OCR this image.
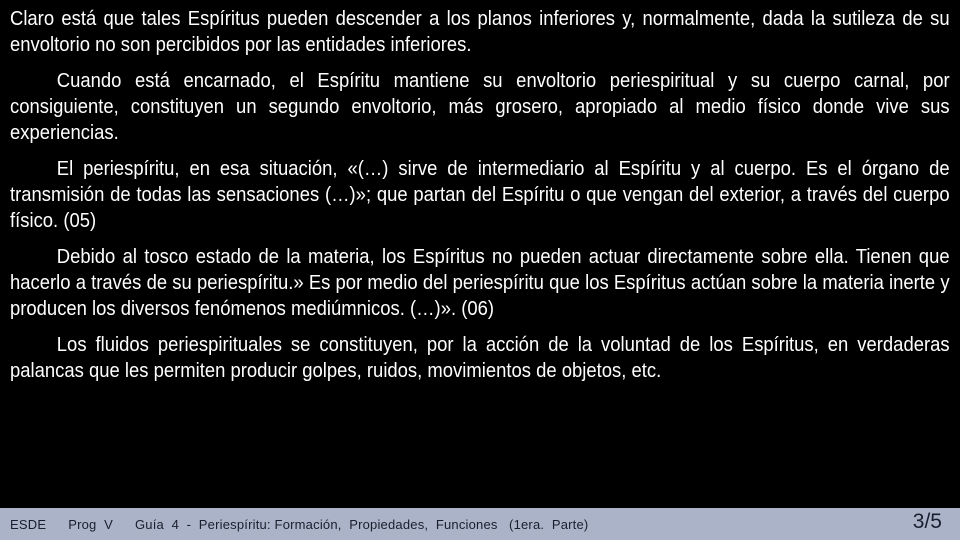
Claro está que tales Espíritus pueden descender a los planos inferiores y, normalmente, dada la sutileza de su envoltorio no son percibidos por las entidades inferiores.

Cuando está encarnado, el Espíritu mantiene su envoltorio periespiritual y su cuerpo carnal, por consiguiente, constituyen un segundo envoltorio, más grosero, apropiado al medio físico donde vive sus experiencias.

El periespíritu, en esa situación, «(…) sirve de intermediario al Espíritu y al cuerpo. Es el órgano de transmisión de todas las sensaciones (…)»; que partan del Espíritu o que vengan del exterior, a través del cuerpo físico. (05)

Debido al tosco estado de la materia, los Espíritus no pueden actuar directamente sobre ella. Tienen que hacerlo a través de su periespíritu.» Es por medio del periespíritu que los Espíritus actúan sobre la materia inerte y producen los diversos fenómenos mediúmnicos. (…)». (06)

Los fluidos periespirituales se constituyen, por la acción de la voluntad de los Espíritus, en verdaderas palancas que les permiten producir golpes, ruidos, movimientos de objetos, etc.

ESDE Prog  V Guía  4  -  Periespíritu: Formación,  Propiedades,  Funciones   (1era.  Parte)	3/5
